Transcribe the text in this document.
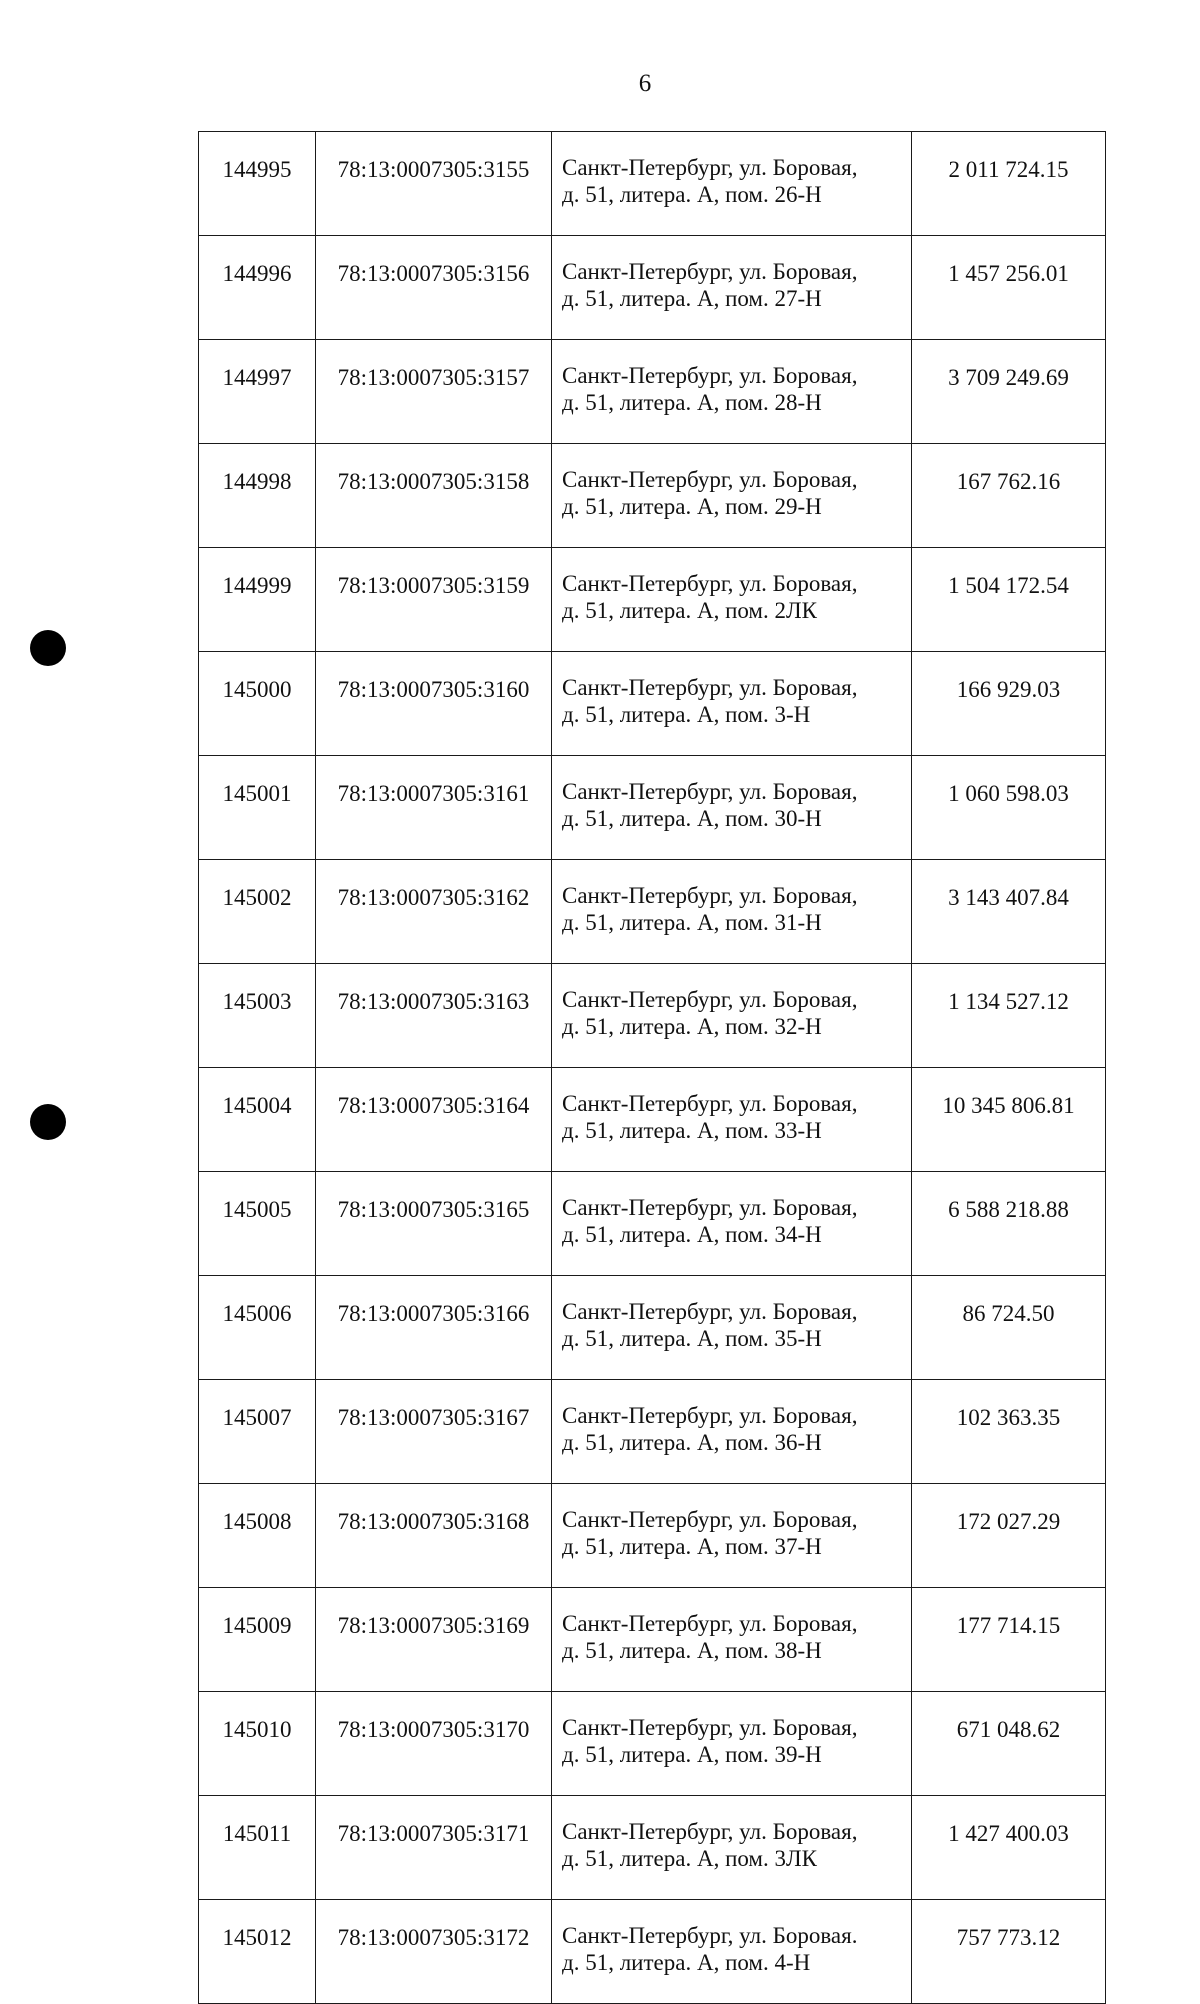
6
144995	78:13:0007305:3155	Санкт-Петербург, ул. Боровая,
д. 51, литера. А, пом. 26-Н	2 011 724.15
144996	78:13:0007305:3156	Санкт-Петербург, ул. Боровая,
д. 51, литера. А, пом. 27-Н	1 457 256.01
144997	78:13:0007305:3157	Санкт-Петербург, ул. Боровая,
д. 51, литера. А, пом. 28-Н	3 709 249.69
144998	78:13:0007305:3158	Санкт-Петербург, ул. Боровая,
д. 51, литера. А, пом. 29-Н	167 762.16
144999	78:13:0007305:3159	Санкт-Петербург, ул. Боровая,
д. 51, литера. А, пом. 2ЛК	1 504 172.54
145000	78:13:0007305:3160	Санкт-Петербург, ул. Боровая,
д. 51, литера. А, пом. 3-Н	166 929.03
145001	78:13:0007305:3161	Санкт-Петербург, ул. Боровая,
д. 51, литера. А, пом. 30-Н	1 060 598.03
145002	78:13:0007305:3162	Санкт-Петербург, ул. Боровая,
д. 51, литера. А, пом. 31-Н	3 143 407.84
145003	78:13:0007305:3163	Санкт-Петербург, ул. Боровая,
д. 51, литера. А, пом. 32-Н	1 134 527.12
145004	78:13:0007305:3164	Санкт-Петербург, ул. Боровая,
д. 51, литера. А, пом. 33-Н	10 345 806.81
145005	78:13:0007305:3165	Санкт-Петербург, ул. Боровая,
д. 51, литера. А, пом. 34-Н	6 588 218.88
145006	78:13:0007305:3166	Санкт-Петербург, ул. Боровая,
д. 51, литера. А, пом. 35-Н	86 724.50
145007	78:13:0007305:3167	Санкт-Петербург, ул. Боровая,
д. 51, литера. А, пом. 36-Н	102 363.35
145008	78:13:0007305:3168	Санкт-Петербург, ул. Боровая,
д. 51, литера. А, пом. 37-Н	172 027.29
145009	78:13:0007305:3169	Санкт-Петербург, ул. Боровая,
д. 51, литера. А, пом. 38-Н	177 714.15
145010	78:13:0007305:3170	Санкт-Петербург, ул. Боровая,
д. 51, литера. А, пом. 39-Н	671 048.62
145011	78:13:0007305:3171	Санкт-Петербург, ул. Боровая,
д. 51, литера. А, пом. 3ЛК	1 427 400.03
145012	78:13:0007305:3172	Санкт-Петербург, ул. Боровая.
д. 51, литера. А, пом. 4-Н	757 773.12
